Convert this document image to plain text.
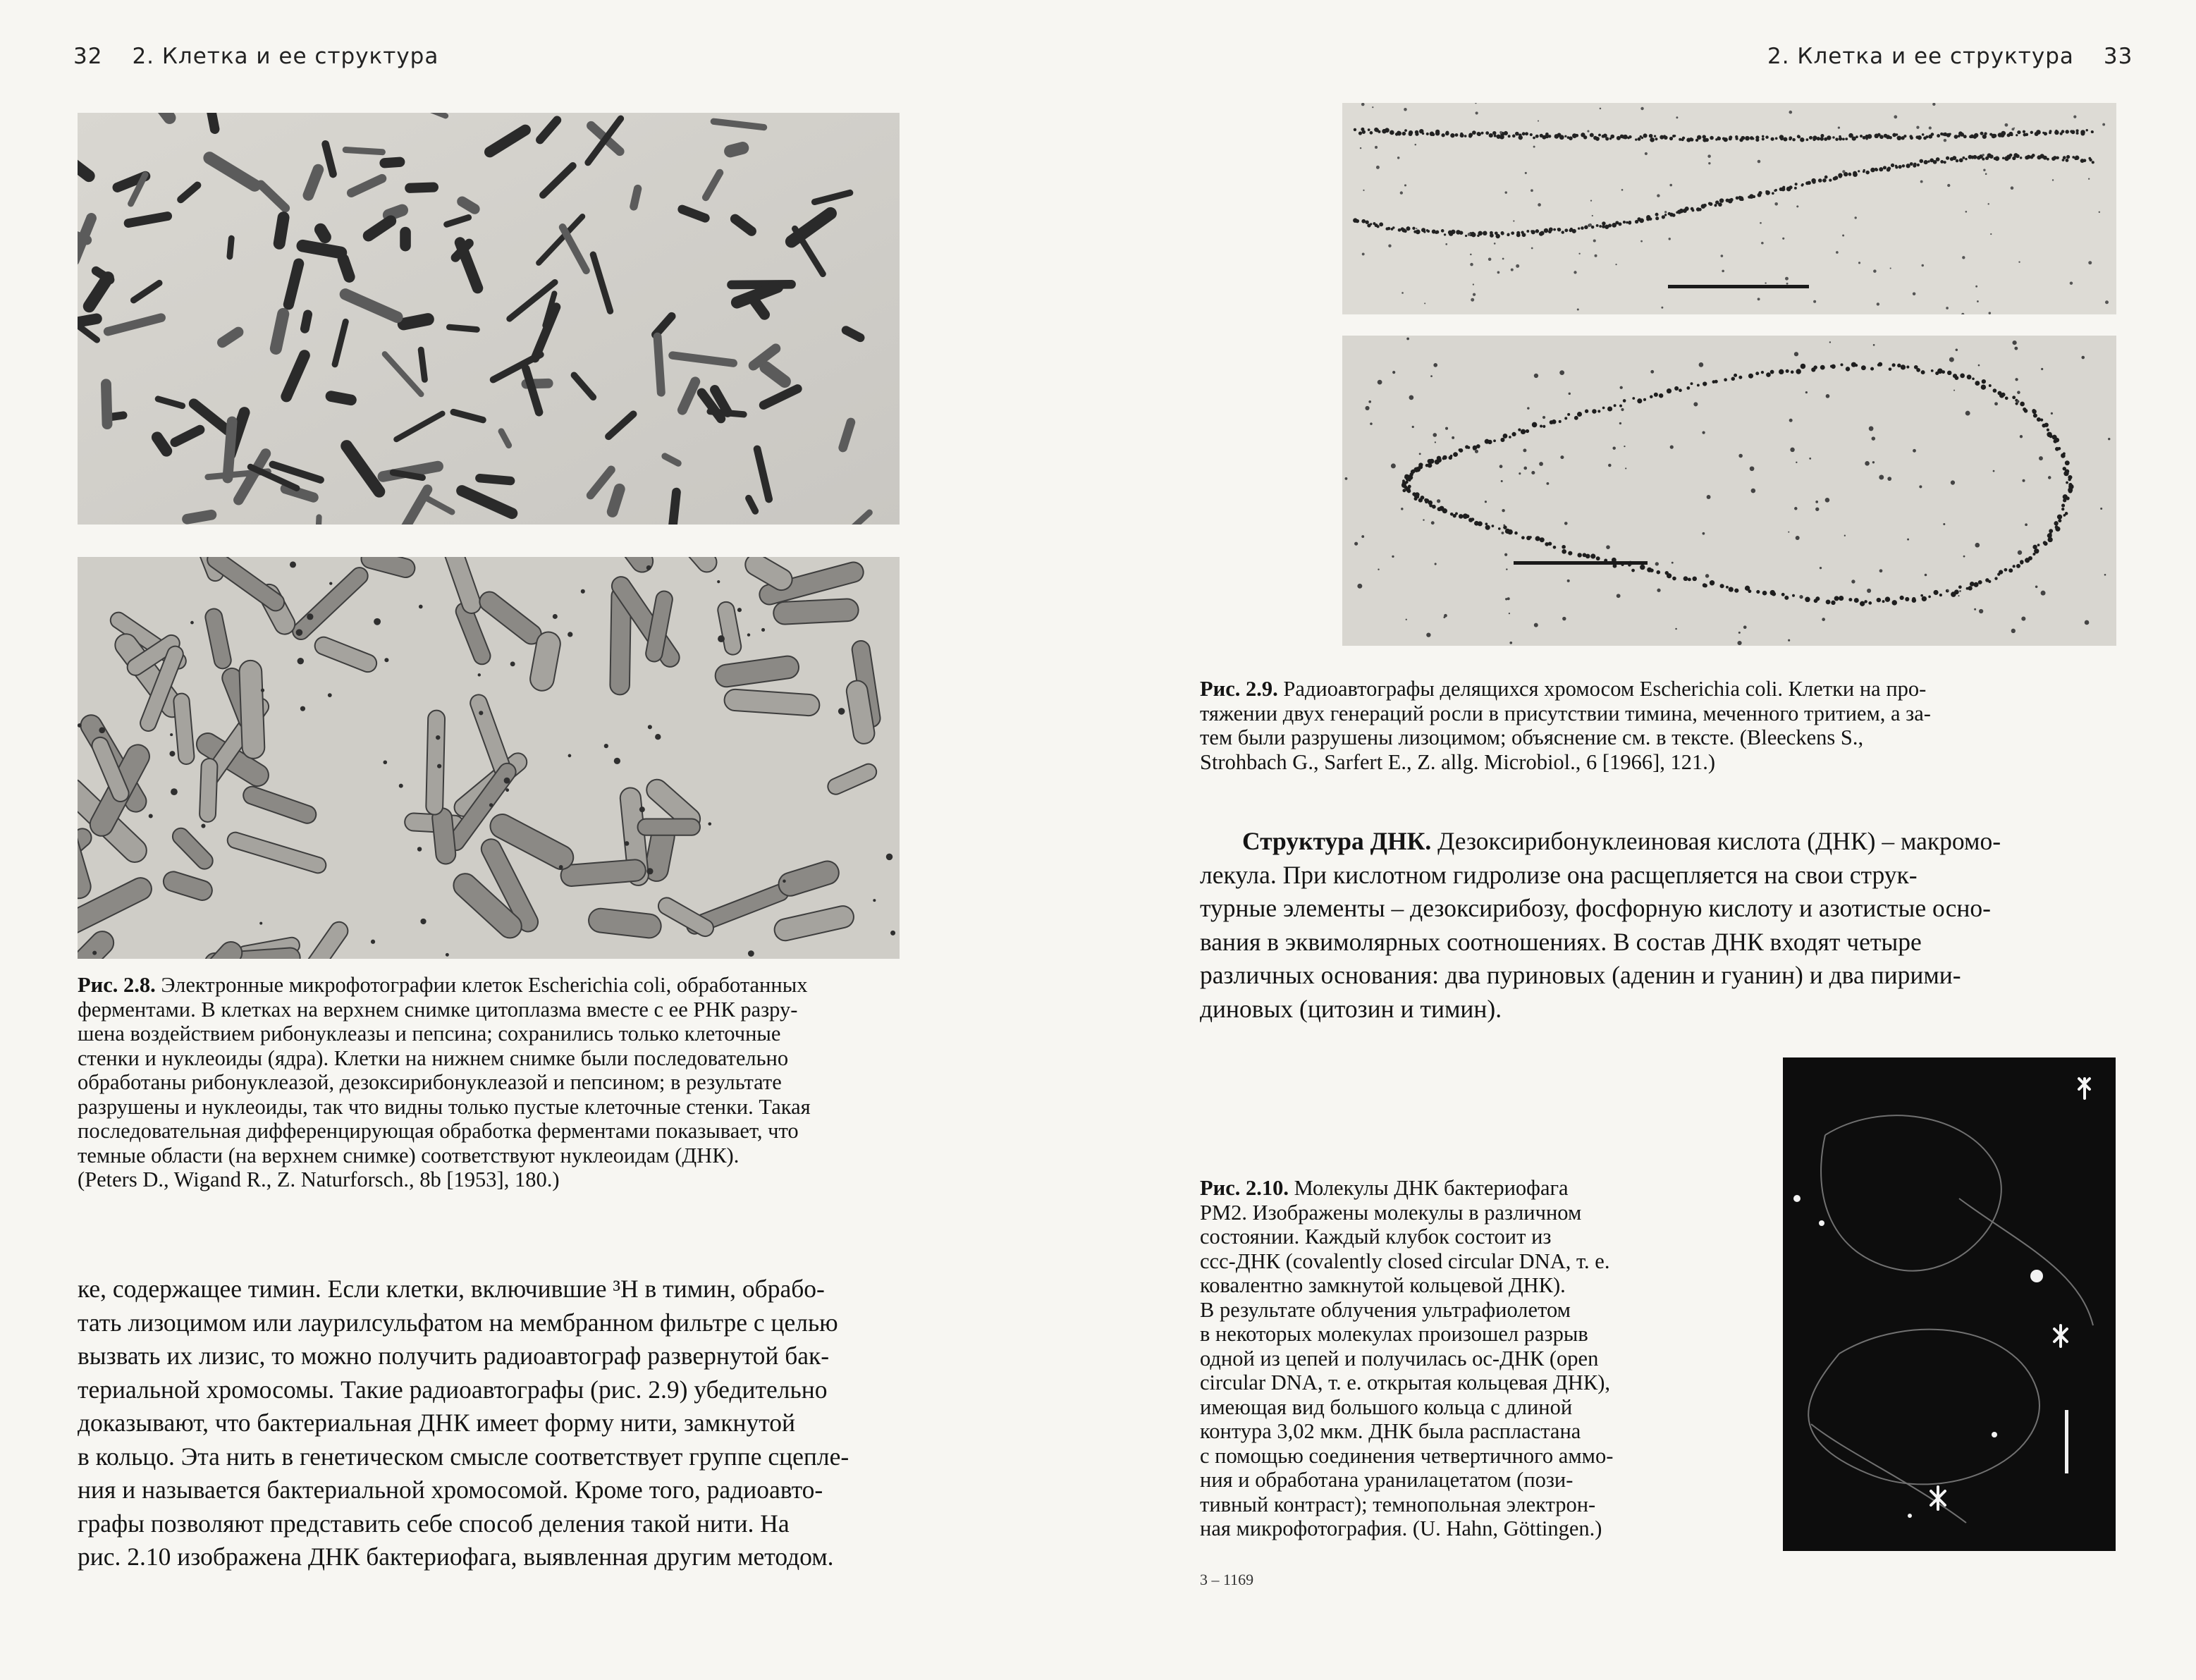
32 2. Клетка и ее структура
Рис. 2.8. Электронные микрофотографии клеток Escherichia coli, обработанных
ферментами. В клетках на верхнем снимке цитоплазма вместе с ее РНК разру-
шена воздействием рибонуклеазы и пепсина; сохранились только клеточные
стенки и нуклеоиды (ядра). Клетки на нижнем снимке были последовательно
обработаны рибонуклеазой, дезоксирибонуклеазой и пепсином; в результате
разрушены и нуклеоиды, так что видны только пустые клеточные стенки. Такая
последовательная дифференцирующая обработка ферментами показывает, что
темные области (на верхнем снимке) соответствуют нуклеоидам (ДНК).
(Peters D., Wigand R., Z. Naturforsch., 8b [1953], 180.)
ке, содержащее тимин. Если клетки, включившие ³H в тимин, обрабо-
тать лизоцимом или лаурилсульфатом на мембранном фильтре с целью
вызвать их лизис, то можно получить радиоавтограф развернутой бак-
териальной хромосомы. Такие радиоавтографы (рис. 2.9) убедительно
доказывают, что бактериальная ДНК имеет форму нити, замкнутой
в кольцо. Эта нить в генетическом смысле соответствует группе сцепле-
ния и называется бактериальной хромосомой. Кроме того, радиоавто-
графы позволяют представить себе способ деления такой нити. На
рис. 2.10 изображена ДНК бактериофага, выявленная другим методом.
2. Клетка и ее структура 33
Рис. 2.9. Радиоавтографы делящихся хромосом Escherichia coli. Клетки на про-
тяжении двух генераций росли в присутствии тимина, меченного тритием, а за-
тем были разрушены лизоцимом; объяснение см. в тексте. (Bleeckens S.,
Strohbach G., Sarfert E., Z. allg. Microbiol., 6 [1966], 121.)
Структура ДНК. Дезоксирибонуклеиновая кислота (ДНК) – макромо-
лекула. При кислотном гидролизе она расщепляется на свои струк-
турные элементы – дезоксирибозу, фосфорную кислоту и азотистые осно-
вания в эквимолярных соотношениях. В состав ДНК входят четыре
различных основания: два пуриновых (аденин и гуанин) и два пирими-
диновых (цитозин и тимин).
Рис. 2.10. Молекулы ДНК бактериофага
PM2. Изображены молекулы в различном
состоянии. Каждый клубок состоит из
ccc-ДНК (covalently closed circular DNA, т. е.
ковалентно замкнутой кольцевой ДНК).
В результате облучения ультрафиолетом
в некоторых молекулах произошел разрыв
одной из цепей и получилась oc-ДНК (open
circular DNA, т. е. открытая кольцевая ДНК),
имеющая вид большого кольца с длиной
контура 3,02 мкм. ДНК была распластана
с помощью соединения четвертичного аммо-
ния и обработана уранилацетатом (пози-
тивный контраст); темнопольная электрон-
ная микрофотография. (U. Hahn, Göttingen.)

3 – 1169
